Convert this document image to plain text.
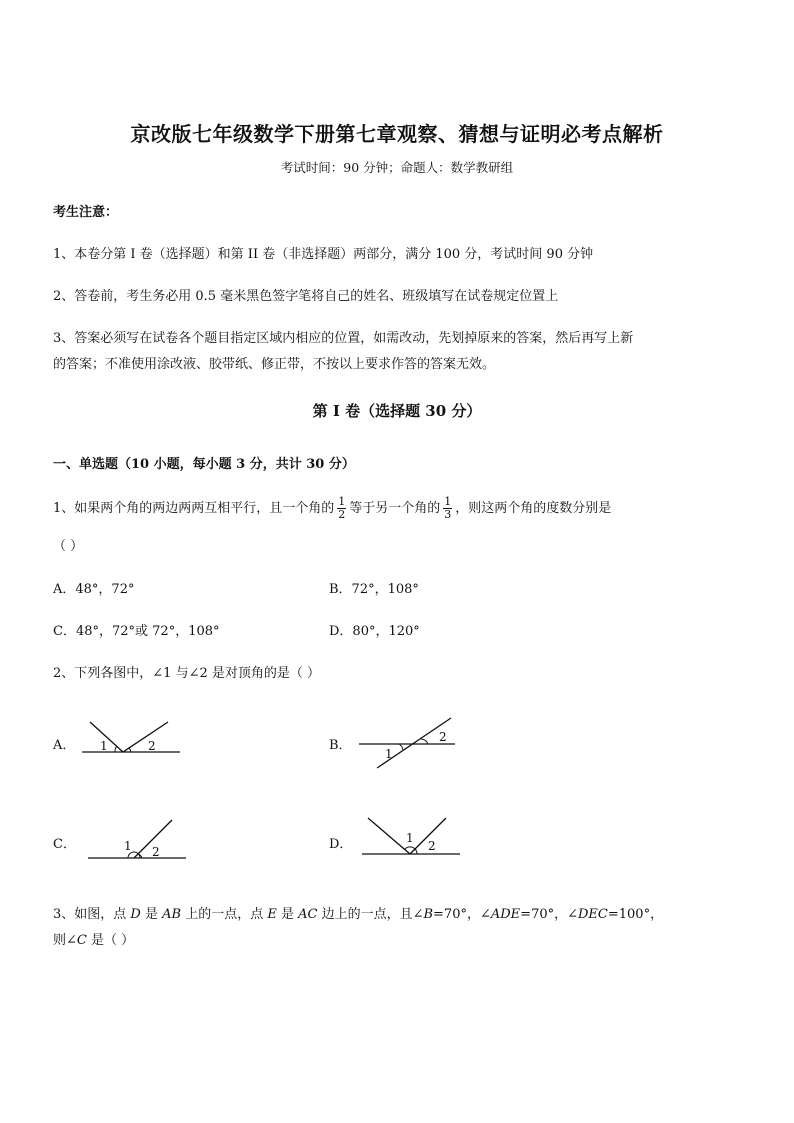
京改版七年级数学下册第七章观察、猜想与证明必考点解析
考试时间：90 分钟；命题人：数学教研组
考生注意：
1、本卷分第 I 卷（选择题）和第 II 卷（非选择题）两部分，满分 100 分，考试时间 90 分钟
2、答卷前，考生务必用 0.5 毫米黑色签字笔将自己的姓名、班级填写在试卷规定位置上
3、答案必须写在试卷各个题目指定区域内相应的位置，如需改动，先划掉原来的答案，然后再写上新
的答案；不准使用涂改液、胶带纸、修正带，不按以上要求作答的答案无效。
第 I 卷（选择题 30 分）
一、单选题（10 小题，每小题 3 分，共计 30 分）
1、如果两个角的两边两两互相平行，且一个角的 $\frac{1}{2}$ 等于另一个角的 $\frac{1}{3}$ ，则这两个角的度数分别是
（ ）
A．48°，72°	B．72°，108°
C．48°，72°或 72°，108°	D．80°，120°
2、下列各图中，∠1 与∠2 是对顶角的是（ ）
A． 1	2	B．
1
2
C．	1 2	D．	1
2
3、如图，点 D 是 AB 上的一点，点 E 是 AC 边上的一点，且∠B=70°，∠ADE=70°，∠DEC=100°，
则∠C 是（ ）
